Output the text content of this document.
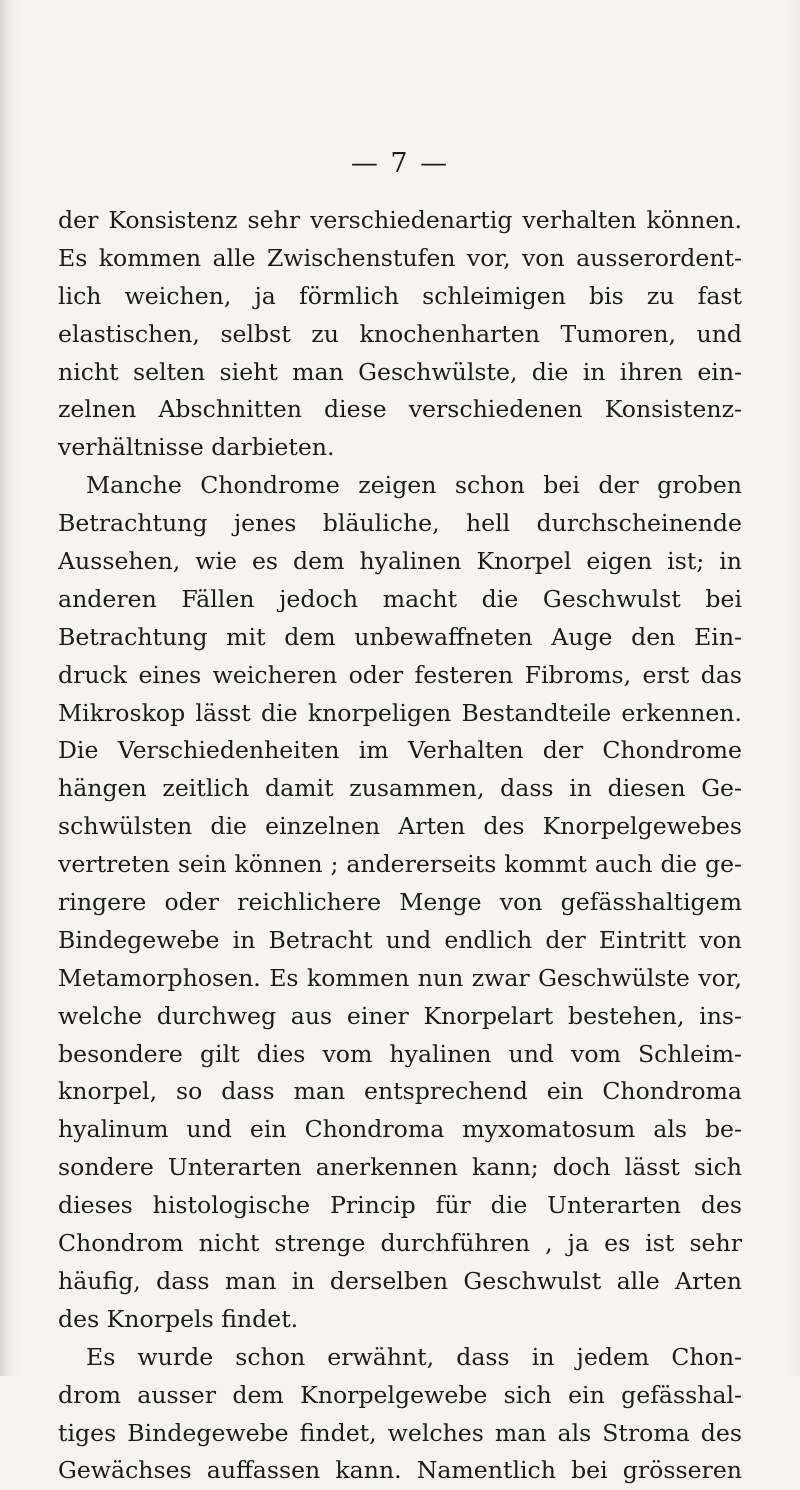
— 7 —
der Konsistenz sehr verschiedenartig verhalten können.
Es kommen alle Zwischenstufen vor, von ausserordent-
lich weichen, ja förmlich schleimigen bis zu fast
elastischen, selbst zu knochenharten Tumoren, und
nicht selten sieht man Geschwülste, die in ihren ein-
zelnen Abschnitten diese verschiedenen Konsistenz-
verhältnisse darbieten.
Manche Chondrome zeigen schon bei der groben
Betrachtung jenes bläuliche, hell durchscheinende
Aussehen, wie es dem hyalinen Knorpel eigen ist; in
anderen Fällen jedoch macht die Geschwulst bei
Betrachtung mit dem unbewaffneten Auge den Ein-
druck eines weicheren oder festeren Fibroms, erst das
Mikroskop lässt die knorpeligen Bestandteile erkennen.
Die Verschiedenheiten im Verhalten der Chondrome
hängen zeitlich damit zusammen, dass in diesen Ge-
schwülsten die einzelnen Arten des Knorpelgewebes
vertreten sein können ; andererseits kommt auch die ge-
ringere oder reichlichere Menge von gefässhaltigem
Bindegewebe in Betracht und endlich der Eintritt von
Metamorphosen. Es kommen nun zwar Geschwülste vor,
welche durchweg aus einer Knorpelart bestehen, ins-
besondere gilt dies vom hyalinen und vom Schleim-
knorpel, so dass man entsprechend ein Chondroma
hyalinum und ein Chondroma myxomatosum als be-
sondere Unterarten anerkennen kann; doch lässt sich
dieses histologische Princip für die Unterarten des
Chondrom nicht strenge durchführen , ja es ist sehr
häufig, dass man in derselben Geschwulst alle Arten
des Knorpels findet.
Es wurde schon erwähnt, dass in jedem Chon-
drom ausser dem Knorpelgewebe sich ein gefässhal-
tiges Bindegewebe findet, welches man als Stroma des
Gewächses auffassen kann. Namentlich bei grösseren
